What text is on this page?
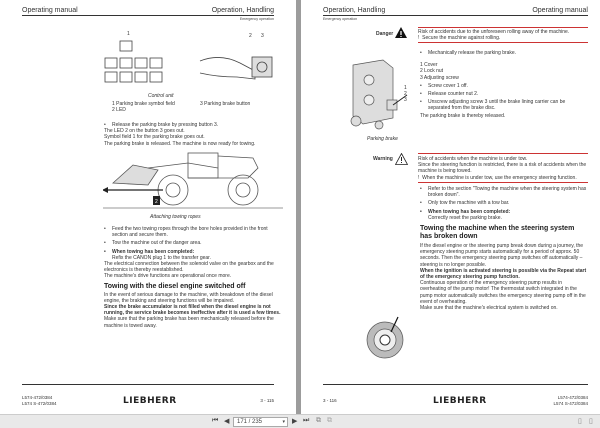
Operating manual	Operation, Handling
Emergency operation
1	2 3
Control unit
1 Parking brake symbol field
2 LED
3 Parking brake button
• Release the parking brake by pressing button 3.
The LED 2 on the button 3 goes out.
Symbol field 1 for the parking brake goes out.
The parking brake is released. The machine is now ready for towing.
2
Attaching towing ropes
• Feed the two towing ropes through the bore holes provided in the front section and secure them.
• Tow the machine out of the danger area.
• When towing has been completed:
Refix the CANON plug 1 to the transfer gear.
The electrical connection between the solenoid valve on the gearbox and the electronics is thereby reestablished.
The machine's drive functions are operational once more.
Towing with the diesel engine switched off
In the event of serious damage to the machine, with breakdown of the diesel engine, the braking and steering functions will be impaired.
Since the brake accumulator is not filled when the diesel engine is not running, the service brake becomes ineffective after it is used a few times.
Make sure that the parking brake has been mechanically released before the machine is towed away.
L574-472/0384
L574 S-472/0384	LIEBHERR	3 - 115
Operation, Handling	Operating manual
Emergency operation
Danger	Risk of accidents due to the unforeseen rolling away of the machine.
!  Secure the machine against rolling.
• Mechanically release the parking brake.
1 Cover
2 Lock nut
3 Adjusting screw
• Screw cover 1 off.
• Release counter nut 2.
• Unscrew adjusting screw 3 until the brake lining carrier can be separated from the brake disc.
The parking brake is thereby released.
1
2
3
Parking brake
Warning	Risk of accidents when the machine is under tow.
Since the steering function is restricted, there is a risk of accidents when the machine is being towed.
!  When the machine is under tow, use the emergency steering function.
• Refer to the section "Towing the machine when the steering system has broken down".
• Only tow the machine with a tow bar.
• When towing has been completed:
Correctly reset the parking brake.
Towing the machine when the steering system has broken down
If the diesel engine or the steering pump break down during a journey, the emergency steering pump starts automatically for a period of approx. 50 seconds. Then the emergency steering pump switches off automatically – steering is no longer possible.
When the ignition is activated steering is possible via the Repeat start of the emergency steering pump function.
Continuous operation of the emergency steering pump results in overheating of the pump motor! The thermostat switch integrated in the pump motor automatically switches the emergency steering pump off in the event of overheating.
Make sure that the machine's electrical system is switched on.
3 - 116	LIEBHERR	L574-472/0384
L574 S-472/0384
⏮ ◀	171 / 235	▾ ▶ ⏭ ⧉ ⧉	▯ ▯
